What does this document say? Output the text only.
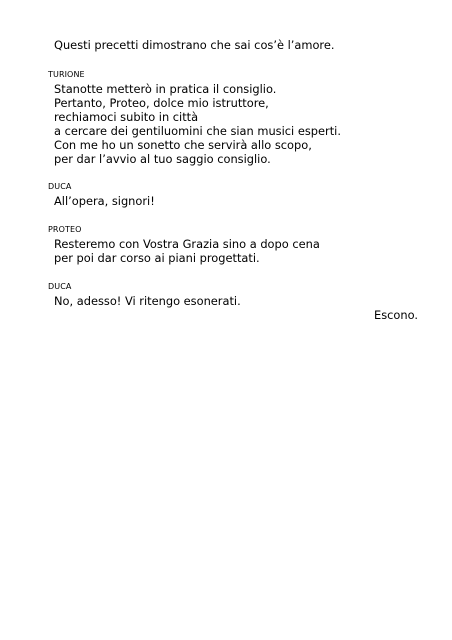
Questi precetti dimostrano che sai cos’è l’amore.
TURIONE
Stanotte metterò in pratica il consiglio.
Pertanto, Proteo, dolce mio istruttore,
rechiamoci subito in città
a cercare dei gentiluomini che sian musici esperti.
Con me ho un sonetto che servirà allo scopo,
per dar l’avvio al tuo saggio consiglio.
DUCA
All’opera, signori!
PROTEO
Resteremo con Vostra Grazia sino a dopo cena
per poi dar corso ai piani progettati.
DUCA
No, adesso! Vi ritengo esonerati.
Escono.
